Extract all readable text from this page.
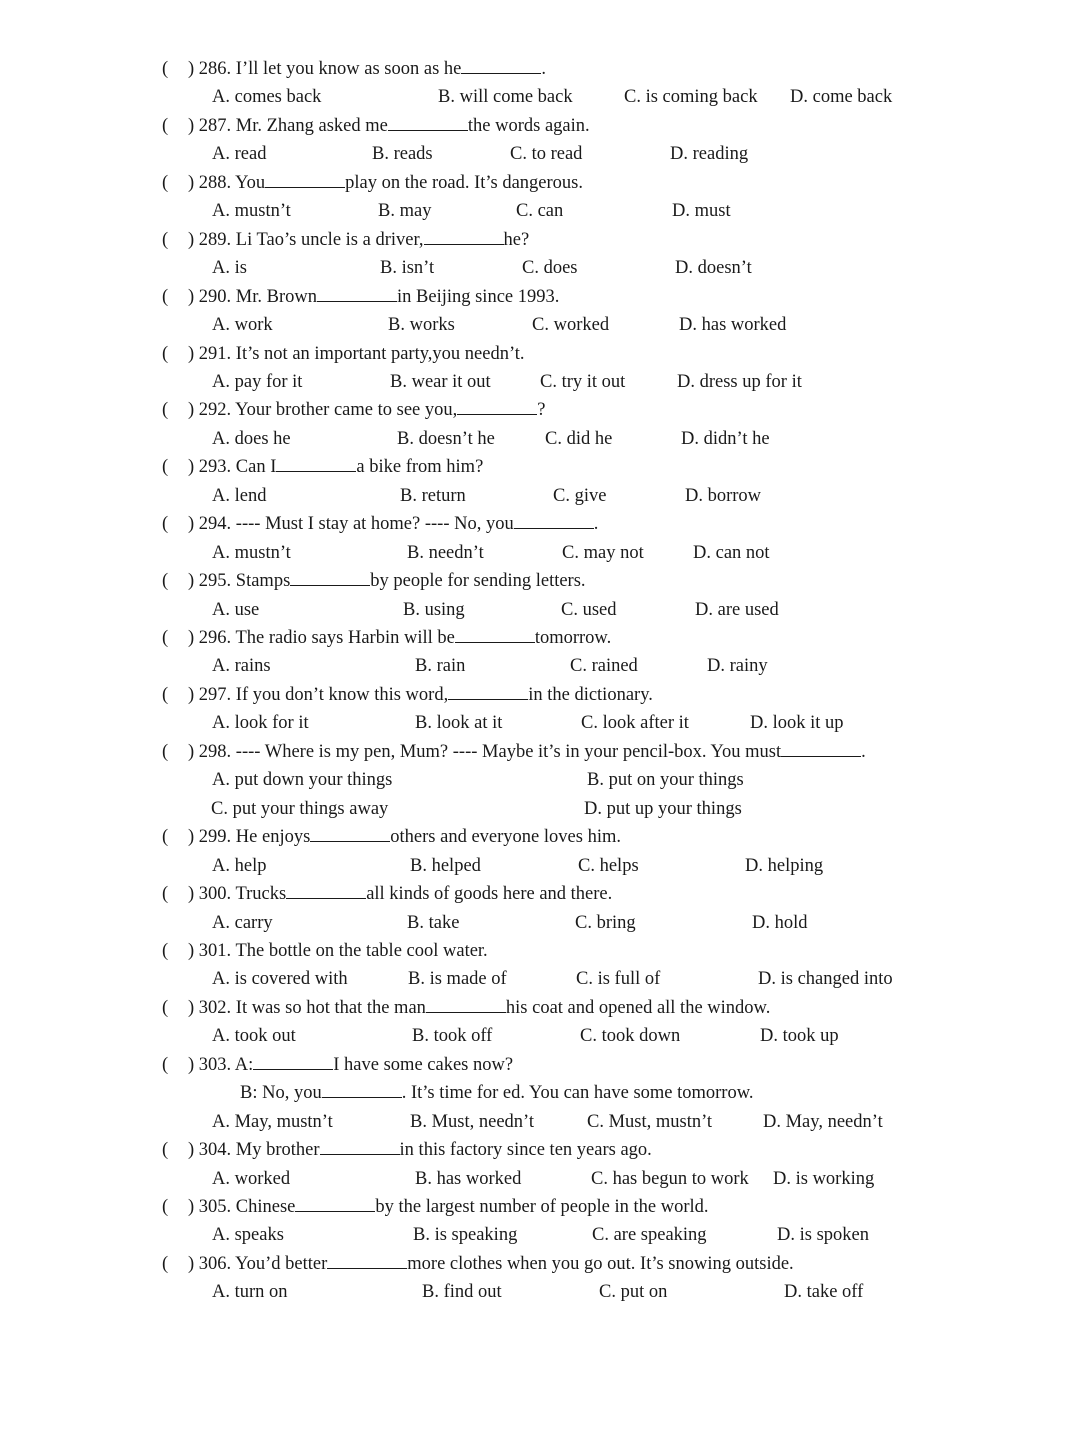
( ) 286. I’ll let you know as soon as he	.
A. comes back	B. will come back	C. is coming back D. come back
( ) 287. Mr. Zhang asked me	the words again.
A. read	B. reads	C. to read	D. reading
( ) 288. You	play on the road. It’s dangerous.
A. mustn’t	B. may	C. can	D. must
( ) 289. Li Tao’s uncle is a driver,	he?
A. is	B. isn’t	C. does	D. doesn’t
( ) 290. Mr. Brown	in Beijing since 1993.
A. work	B. works	C. worked	D. has worked
( ) 291. It’s not an important party,you needn’t.
A. pay for it	B. wear it out	C. try it out	D. dress up for it
( ) 292. Your brother came to see you,	?
A. does he	B. doesn’t he	C. did he	D. didn’t he
( ) 293. Can I	a bike from him?
A. lend	B. return	C. give	D. borrow
( ) 294. ---- Must I stay at home? ---- No, you	.
A. mustn’t	B. needn’t	C. may not	D. can not
( ) 295. Stamps	by people for sending letters.
A. use	B. using	C. used	D. are used
( ) 296. The radio says Harbin will be	tomorrow.
A. rains	B. rain	C. rained	D. rainy
( ) 297. If you don’t know this word,	in the dictionary.
A. look for it	B. look at it	C. look after it	D. look it up
( ) 298. ---- Where is my pen, Mum? ---- Maybe it’s in your pencil-box. You must	.
A. put down your things	B. put on your things
C. put your things away	D. put up your things
( ) 299. He enjoys	others and everyone loves him.
A. help	B. helped	C. helps	D. helping
( ) 300. Trucks	all kinds of goods here and there.
A. carry	B. take	C. bring	D. hold
( ) 301. The bottle on the table cool water.
A. is covered with	B. is made of	C. is full of	D. is changed into
( ) 302. It was so hot that the man	his coat and opened all the window.
A. took out	B. took off	C. took down	D. took up
( ) 303. A:	I have some cakes now?
B: No, you	. It’s time for ed. You can have some tomorrow.
A. May, mustn’t	B. Must, needn’t	C. Must, mustn’t	D. May, needn’t
( ) 304. My brother	in this factory since ten years ago.
A. worked	B. has worked	C. has begun to work D. is working
( ) 305. Chinese	by the largest number of people in the world.
A. speaks	B. is speaking	C. are speaking	D. is spoken
( ) 306. You’d better	more clothes when you go out. It’s snowing outside.
A. turn on	B. find out	C. put on	D. take off
